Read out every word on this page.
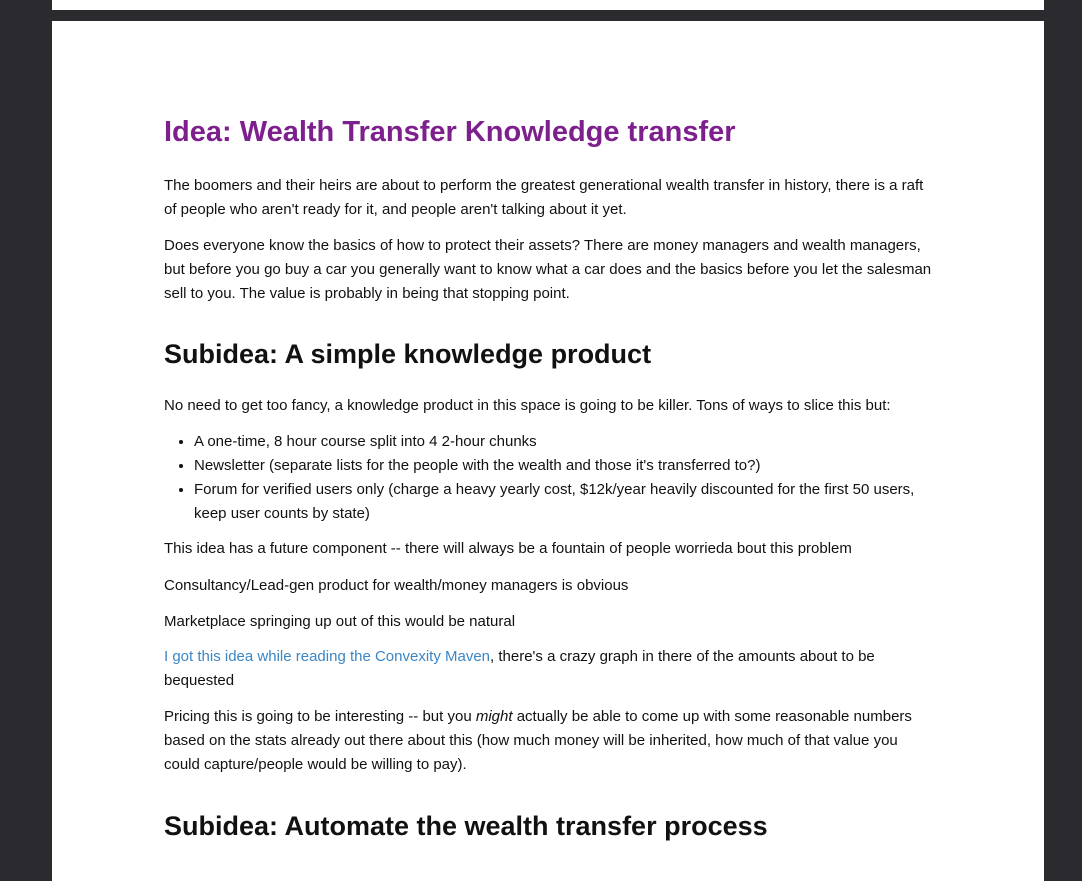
Idea: Wealth Transfer Knowledge transfer

The boomers and their heirs are about to perform the greatest generational wealth transfer in history, there is a raft of people who aren't ready for it, and people aren't talking about it yet.

Does everyone know the basics of how to protect their assets? There are money managers and wealth managers, but before you go buy a car you generally want to know what a car does and the basics before you let the salesman sell to you. The value is probably in being that stopping point.

Subidea: A simple knowledge product

No need to get too fancy, a knowledge product in this space is going to be killer. Tons of ways to slice this but:

• A one-time, 8 hour course split into 4 2-hour chunks
• Newsletter (separate lists for the people with the wealth and those it's transferred to?)
• Forum for verified users only (charge a heavy yearly cost, $12k/year heavily discounted for the first 50 users, keep user counts by state)

This idea has a future component -- there will always be a fountain of people worrieda bout this problem

Consultancy/Lead-gen product for wealth/money managers is obvious

Marketplace springing up out of this would be natural

I got this idea while reading the Convexity Maven, there's a crazy graph in there of the amounts about to be bequested

Pricing this is going to be interesting -- but you might actually be able to come up with some reasonable numbers based on the stats already out there about this (how much money will be inherited, how much of that value you could capture/people would be willing to pay).

Subidea: Automate the wealth transfer process
